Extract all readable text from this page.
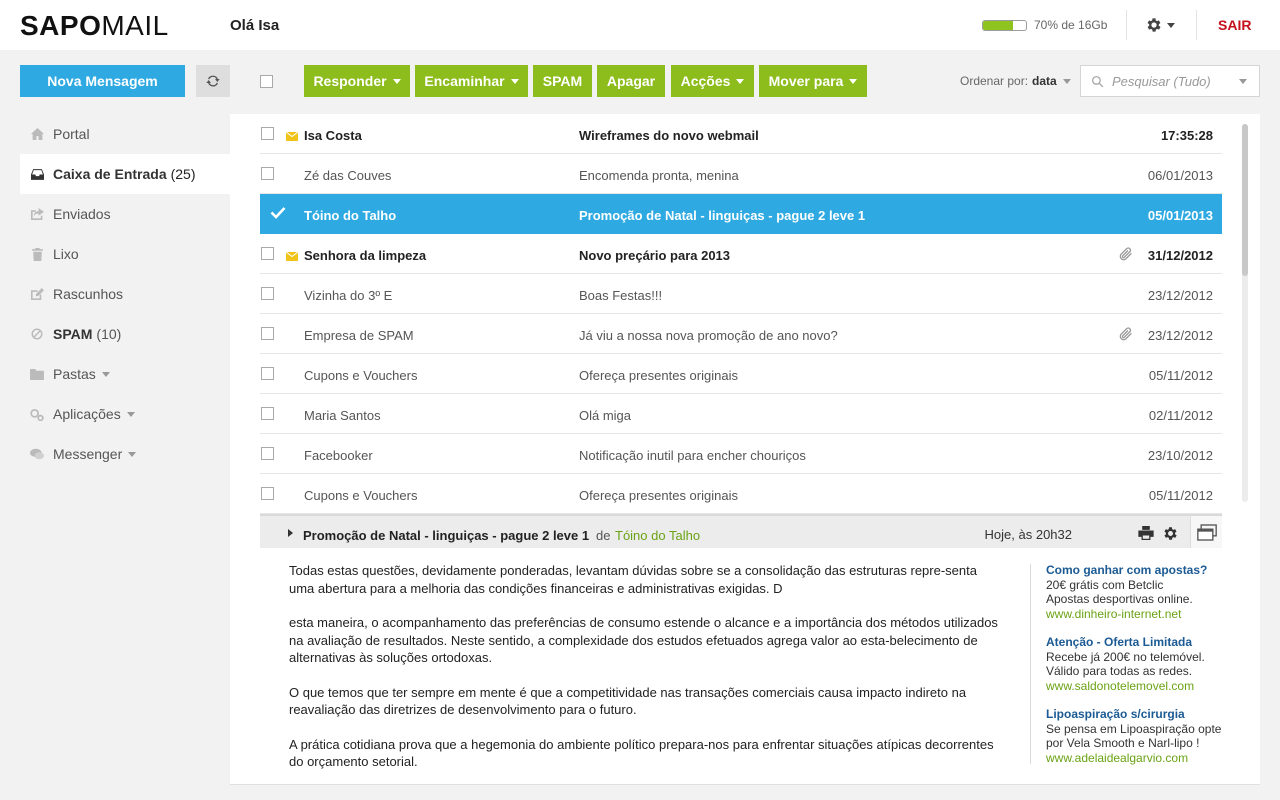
SAPOMAIL	Olá Isa	70% de 16Gb	SAIR
Nova Mensagem	Responder	Encaminhar	SPAM	Apagar	Acções	Mover para	Ordenar por: data	Pesquisar (Tudo)
Portal
Caixa de Entrada (25)
Enviados
Lixo
Rascunhos
SPAM (10)
Pastas
Aplicações
Messenger
Isa Costa	Wireframes do novo webmail	17:35:28
Zé das Couves	Encomenda pronta, menina	06/01/2013
Tóino do Talho	Promoção de Natal - linguiças - pague 2 leve 1	05/01/2013
Senhora da limpeza	Novo preçário para 2013	31/12/2012
Vizinha do 3º E	Boas Festas!!!	23/12/2012
Empresa de SPAM	Já viu a nossa nova promoção de ano novo?	23/12/2012
Cupons e Vouchers	Ofereça presentes originais	05/11/2012
Maria Santos	Olá miga	02/11/2012
Facebooker	Notificação inutil para encher chouriços	23/10/2012
Cupons e Vouchers	Ofereça presentes originais	05/11/2012
Promoção de Natal - linguiças - pague 2 leve 1 de Tóino do Talho	Hoje, às 20h32

Todas estas questões, devidamente ponderadas, levantam dúvidas sobre se a consolidação das estruturas repre-senta uma abertura para a melhoria das condições financeiras e administrativas exigidas. D

esta maneira, o acompanhamento das preferências de consumo estende o alcance e a importância dos métodos utilizados na avaliação de resultados. Neste sentido, a complexidade dos estudos efetuados agrega valor ao esta-belecimento de alternativas às soluções ortodoxas.

O que temos que ter sempre em mente é que a competitividade nas transações comerciais causa impacto indireto na reavaliação das diretrizes de desenvolvimento para o futuro.

A prática cotidiana prova que a hegemonia do ambiente político prepara-nos para enfrentar situações atípicas decorrentes do orçamento setorial.

Como ganhar com apostas?
20€ grátis com Betclic
Apostas desportivas online.
www.dinheiro-internet.net
Atenção - Oferta Limitada
Recebe já 200€ no telemóvel.
Válido para todas as redes.
www.saldonotelemovel.com
Lipoaspiração s/cirurgia
Se pensa em Lipoaspiração opte
por Vela Smooth e Narl-lipo !
www.adelaidealgarvio.com
